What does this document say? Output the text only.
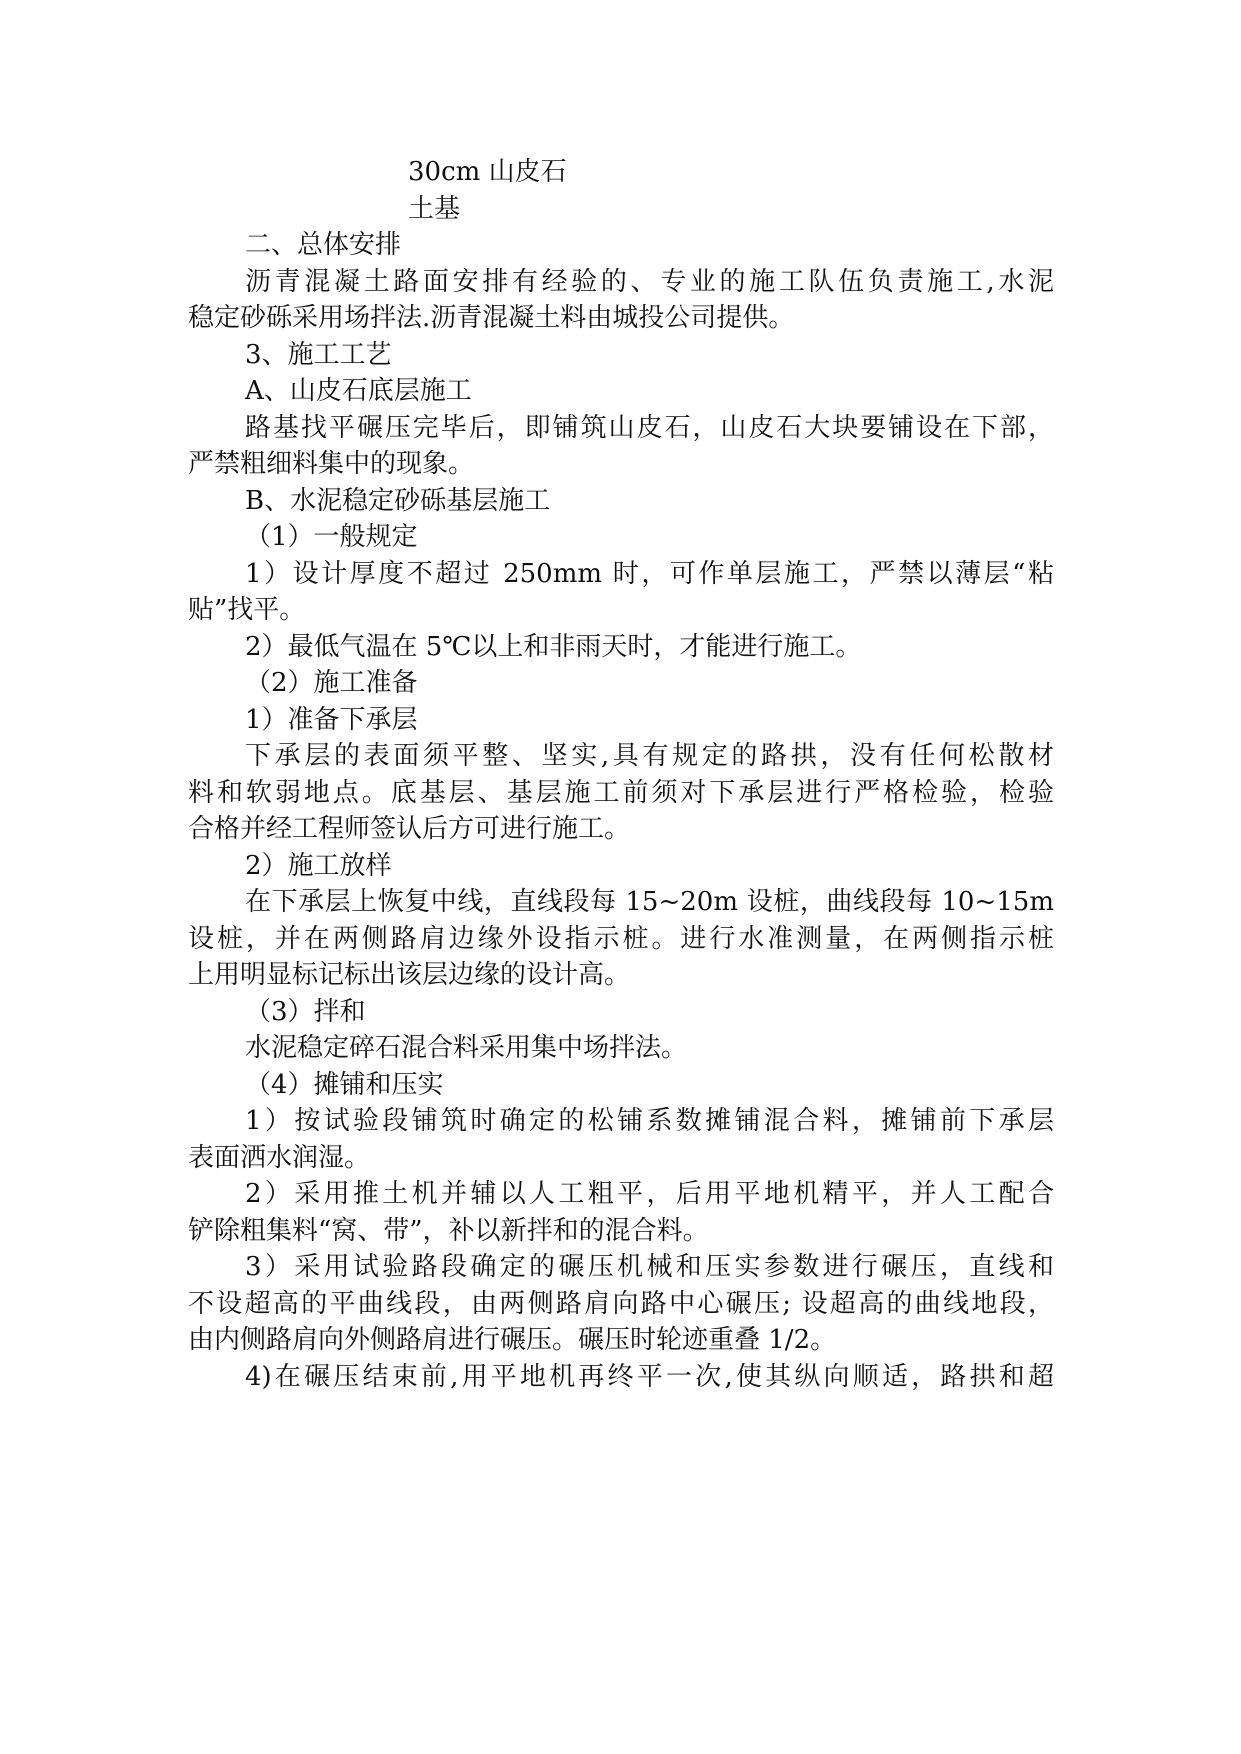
30cm 山皮石
土基
二、总体安排
沥青混凝土路面安排有经验的、专业的施工队伍负责施工,水泥
稳定砂砾采用场拌法.沥青混凝土料由城投公司提供。
3、施工工艺
A、山皮石底层施工
路基找平碾压完毕后，即铺筑山皮石，山皮石大块要铺设在下部，
严禁粗细料集中的现象。
B、水泥稳定砂砾基层施工
（1）一般规定
1）设计厚度不超过 250mm 时，可作单层施工，严禁以薄层“粘
贴”找平。
2）最低气温在 5℃以上和非雨天时，才能进行施工。
（2）施工准备
1）准备下承层
下承层的表面须平整、坚实,具有规定的路拱，没有任何松散材
料和软弱地点。底基层、基层施工前须对下承层进行严格检验，检验
合格并经工程师签认后方可进行施工。
2）施工放样
在下承层上恢复中线，直线段每 15~20m 设桩，曲线段每 10~15m
设桩，并在两侧路肩边缘外设指示桩。进行水准测量，在两侧指示桩
上用明显标记标出该层边缘的设计高。
（3）拌和
水泥稳定碎石混合料采用集中场拌法。
（4）摊铺和压实
1）按试验段铺筑时确定的松铺系数摊铺混合料，摊铺前下承层
表面洒水润湿。
2）采用推土机并辅以人工粗平，后用平地机精平，并人工配合
铲除粗集料“窝、带”，补以新拌和的混合料。
3）采用试验路段确定的碾压机械和压实参数进行碾压，直线和
不设超高的平曲线段，由两侧路肩向路中心碾压; 设超高的曲线地段，
由内侧路肩向外侧路肩进行碾压。碾压时轮迹重叠 1/2。
4)在碾压结束前,用平地机再终平一次,使其纵向顺适，路拱和超
